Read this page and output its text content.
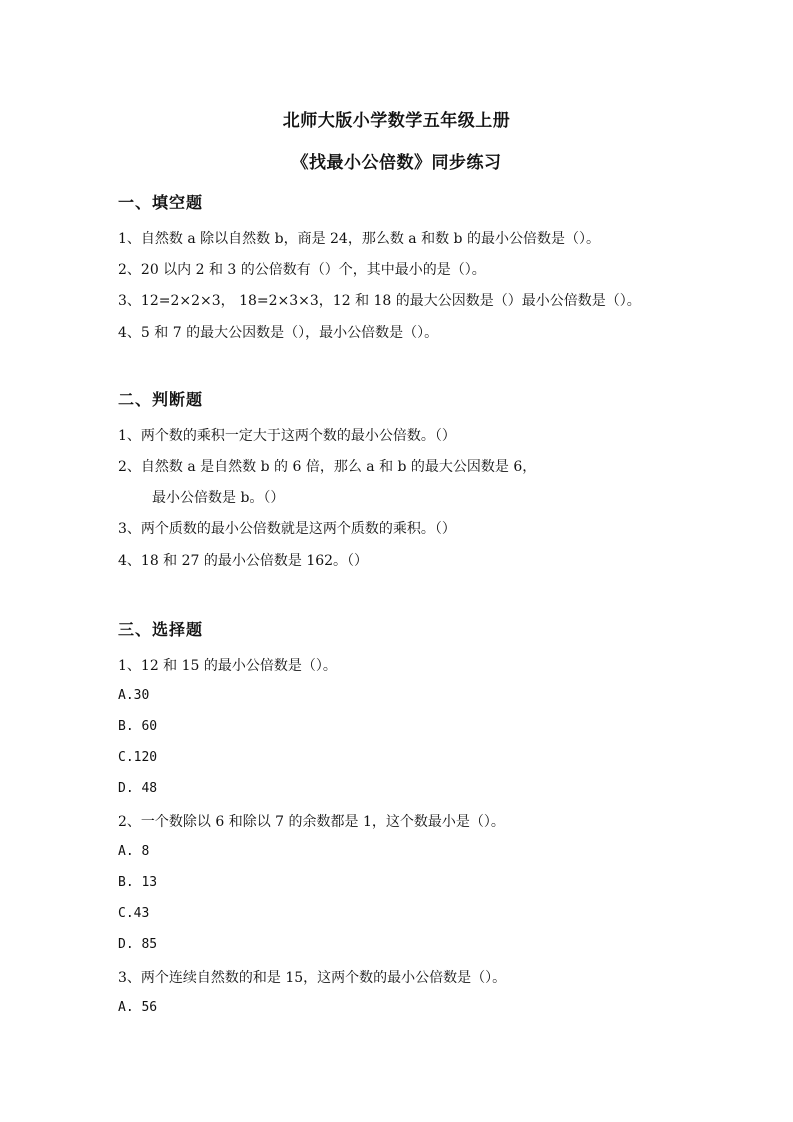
北师大版小学数学五年级上册
《找最小公倍数》同步练习
一、填空题
1、自然数 a 除以自然数 b，商是 24，那么数 a 和数 b 的最小公倍数是（）。
2、20 以内 2 和 3 的公倍数有（）个，其中最小的是（）。
3、12=2×2×3， 18=2×3×3，12 和 18 的最大公因数是（）最小公倍数是（）。
4、5 和 7 的最大公因数是（），最小公倍数是（）。
二、判断题
1、两个数的乘积一定大于这两个数的最小公倍数。（）
2、自然数 a 是自然数 b 的 6 倍，那么 a 和 b 的最大公因数是 6，
最小公倍数是 b。（）
3、两个质数的最小公倍数就是这两个质数的乘积。（）
4、18 和 27 的最小公倍数是 162。（）
三、选择题
1、12 和 15 的最小公倍数是（）。
A.30
B. 60
C.120
D. 48
2、一个数除以 6 和除以 7 的余数都是 1，这个数最小是（）。
A. 8
B. 13
C.43
D. 85
3、两个连续自然数的和是 15，这两个数的最小公倍数是（）。
A. 56
